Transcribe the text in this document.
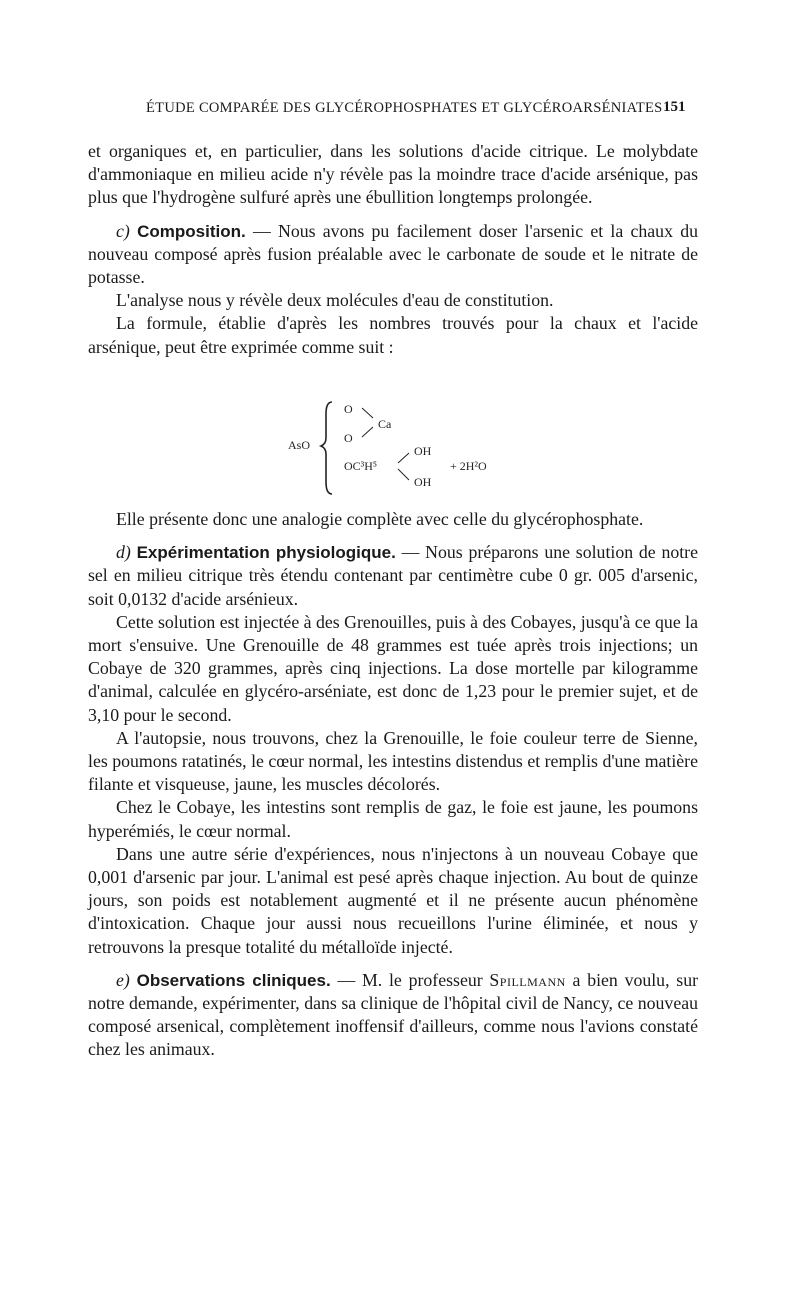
ÉTUDE COMPARÉE DES GLYCÉROPHOSPHATES ET GLYCÉROARSÉNIATES 151

et organiques et, en particulier, dans les solutions d'acide citrique. Le molybdate d'ammoniaque en milieu acide n'y révèle pas la moindre trace d'acide arsénique, pas plus que l'hydrogène sulfuré après une ébullition longtemps prolongée.

c) Composition. — Nous avons pu facilement doser l'arsenic et la chaux du nouveau composé après fusion préalable avec le carbonate de soude et le nitrate de potasse.

L'analyse nous y révèle deux molécules d'eau de constitution.

La formule, établie d'après les nombres trouvés pour la chaux et l'acide arsénique, peut être exprimée comme suit :

AsO
O
O
Ca
OC³H⁵
OH
OH
+ 2H²O

Elle présente donc une analogie complète avec celle du glycérophosphate.

d) Expérimentation physiologique. — Nous préparons une solution de notre sel en milieu citrique très étendu contenant par centimètre cube 0 gr. 005 d'arsenic, soit 0,0132 d'acide arsénieux.

Cette solution est injectée à des Grenouilles, puis à des Cobayes, jusqu'à ce que la mort s'ensuive. Une Grenouille de 48 grammes est tuée après trois injections; un Cobaye de 320 grammes, après cinq injections. La dose mortelle par kilogramme d'animal, calculée en glycéro-arséniate, est donc de 1,23 pour le premier sujet, et de 3,10 pour le second.

A l'autopsie, nous trouvons, chez la Grenouille, le foie couleur terre de Sienne, les poumons ratatinés, le cœur normal, les intestins distendus et remplis d'une matière filante et visqueuse, jaune, les muscles décolorés.

Chez le Cobaye, les intestins sont remplis de gaz, le foie est jaune, les poumons hyperémiés, le cœur normal.

Dans une autre série d'expériences, nous n'injectons à un nouveau Cobaye que 0,001 d'arsenic par jour. L'animal est pesé après chaque injection. Au bout de quinze jours, son poids est notablement augmenté et il ne présente aucun phénomène d'intoxication. Chaque jour aussi nous recueillons l'urine éliminée, et nous y retrouvons la presque totalité du métalloïde injecté.

e) Observations cliniques. — M. le professeur Spillmann a bien voulu, sur notre demande, expérimenter, dans sa clinique de l'hôpital civil de Nancy, ce nouveau composé arsenical, complètement inoffensif d'ailleurs, comme nous l'avions constaté chez les animaux.
